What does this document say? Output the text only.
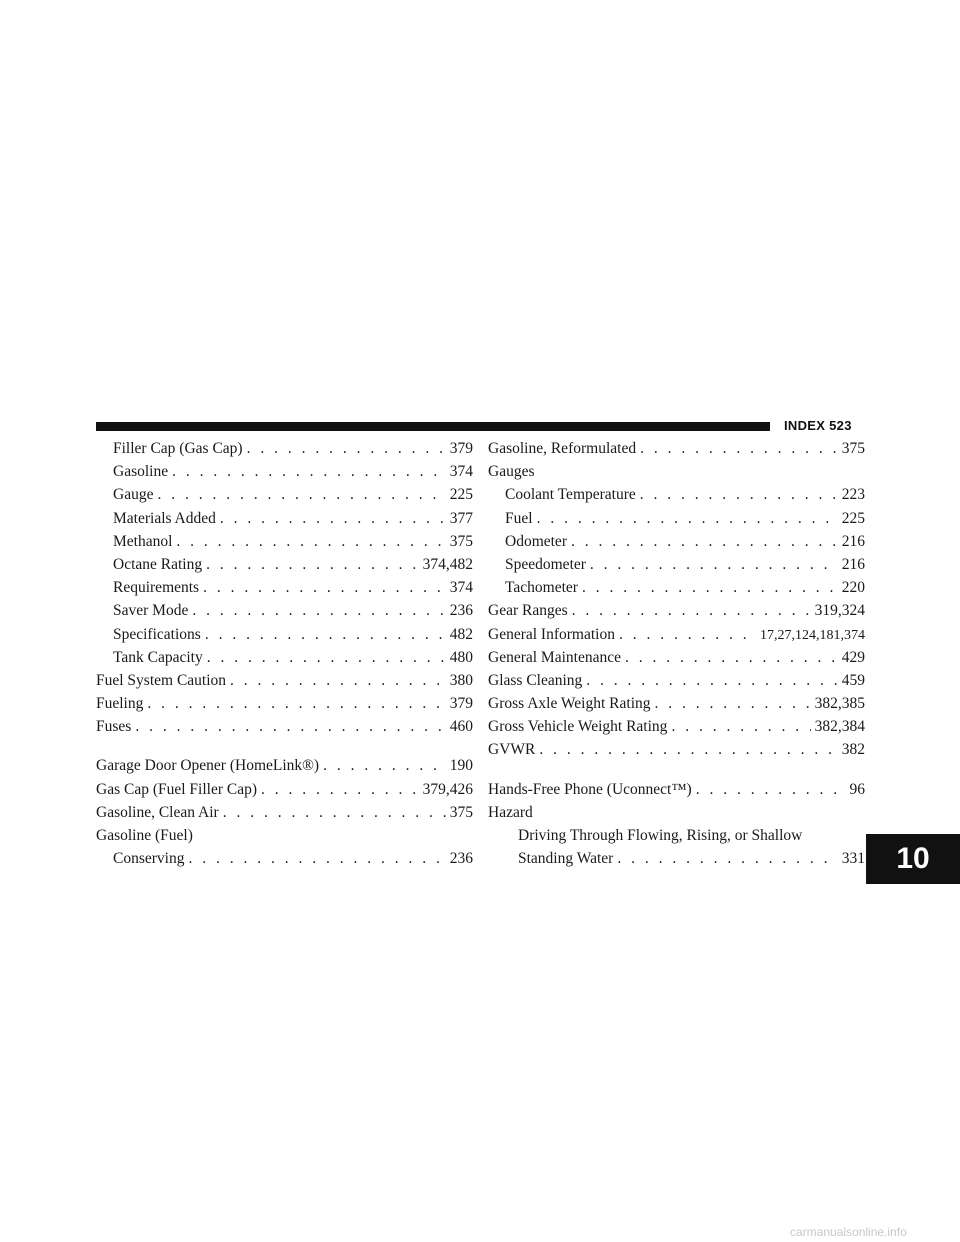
INDEX 523
Filler Cap (Gas Cap) . . .	379
Gasoline . . .	374
Gauge . . .	225
Materials Added . . .	377
Methanol . . .	375
Octane Rating . . .	374,482
Requirements . . .	374
Saver Mode . . .	236
Specifications . . .	482
Tank Capacity . . .	480
Fuel System Caution . . .	380
Fueling . . .	379
Fuses . . .	460
Garage Door Opener (HomeLink®) . . .	190
Gas Cap (Fuel Filler Cap) . . .	379,426
Gasoline, Clean Air . . .	375
Gasoline (Fuel)
Conserving . . .	236
Gasoline, Reformulated . . .	375
Gauges
Coolant Temperature . . .	223
Fuel . . .	225
Odometer . . .	216
Speedometer . . .	216
Tachometer . . .	220
Gear Ranges . . .	319,324
General Information . . .	17,27,124,181,374
General Maintenance . . .	429
Glass Cleaning . . .	459
Gross Axle Weight Rating . . .	382,385
Gross Vehicle Weight Rating . . .	382,384
GVWR . . .	382
Hands-Free Phone (Uconnect™) . . .	96
Hazard
Driving Through Flowing, Rising, or Shallow
Standing Water . . .	331	10
carmanualsonline.info
